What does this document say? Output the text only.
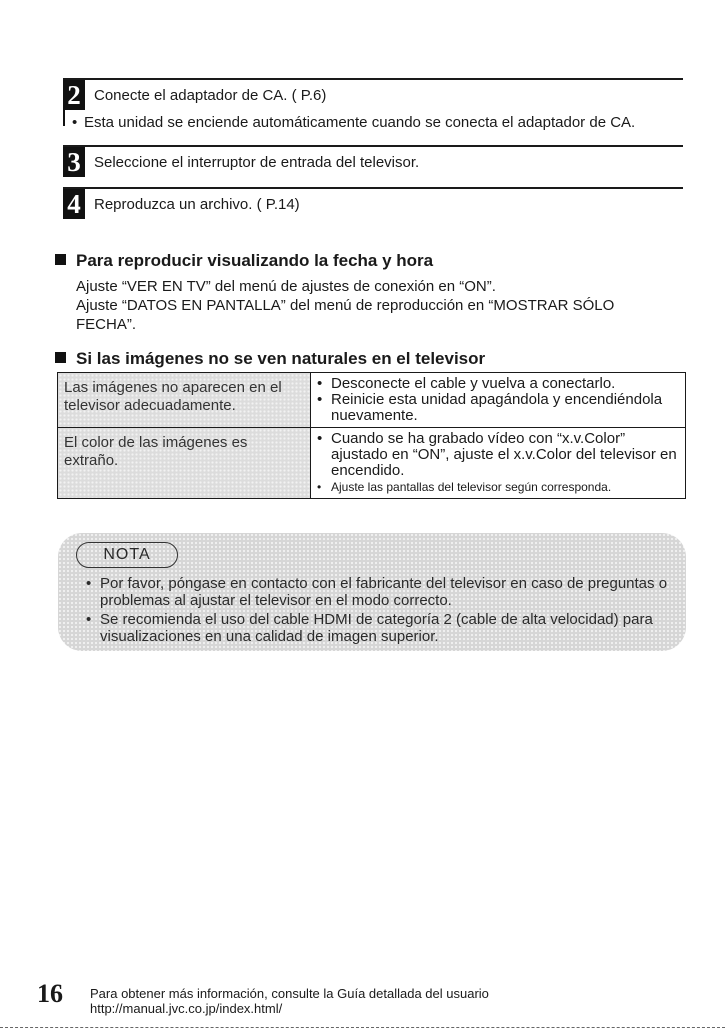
2 Conecte el adaptador de CA. ( P.6)
• Esta unidad se enciende automáticamente cuando se conecta el adaptador de CA.
3 Seleccione el interruptor de entrada del televisor.
4 Reproduzca un archivo. ( P.14)
Para reproducir visualizando la fecha y hora
Ajuste “VER EN TV” del menú de ajustes de conexión en “ON”.
Ajuste “DATOS EN PANTALLA” del menú de reproducción en “MOSTRAR SÓLO FECHA”.
Si las imágenes no se ven naturales en el televisor
Las imágenes no aparecen en el televisor adecuadamente.	• Desconecte el cable y vuelva a conectarlo.
• Reinicie esta unidad apagándola y encendiéndola nuevamente.

El color de las imágenes es extraño.	• Cuando se ha grabado vídeo con “x.v.Color” ajustado en “ON”, ajuste el x.v.Color del televisor en encendido.
• Ajuste las pantallas del televisor según corresponda.
NOTA
• Por favor, póngase en contacto con el fabricante del televisor en caso de preguntas o problemas al ajustar el televisor en el modo correcto.
• Se recomienda el uso del cable HDMI de categoría 2 (cable de alta velocidad) para visualizaciones en una calidad de imagen superior.
16 Para obtener más información, consulte la Guía detallada del usuario
http://manual.jvc.co.jp/index.html/
